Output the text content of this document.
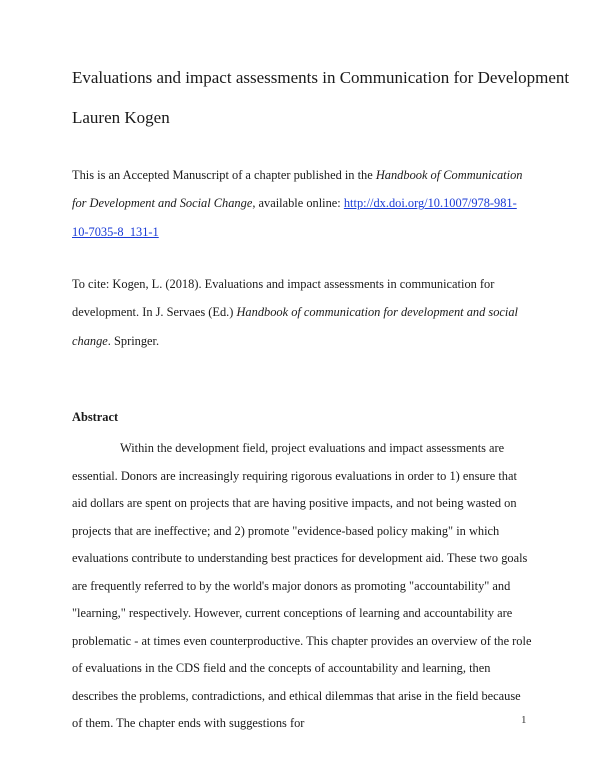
Evaluations and impact assessments in Communication for Development
Lauren Kogen
This is an Accepted Manuscript of a chapter published in the Handbook of Communication for Development and Social Change, available online: http://dx.doi.org/10.1007/978-981-10-7035-8_131-1
To cite: Kogen, L. (2018). Evaluations and impact assessments in communication for development. In J. Servaes (Ed.) Handbook of communication for development and social change. Springer.
Abstract
Within the development field, project evaluations and impact assessments are essential. Donors are increasingly requiring rigorous evaluations in order to 1) ensure that aid dollars are spent on projects that are having positive impacts, and not being wasted on projects that are ineffective; and 2) promote "evidence-based policy making" in which evaluations contribute to understanding best practices for development aid. These two goals are frequently referred to by the world's major donors as promoting "accountability" and "learning," respectively. However, current conceptions of learning and accountability are problematic - at times even counterproductive. This chapter provides an overview of the role of evaluations in the CDS field and the concepts of accountability and learning, then describes the problems, contradictions, and ethical dilemmas that arise in the field because of them. The chapter ends with suggestions for	1
